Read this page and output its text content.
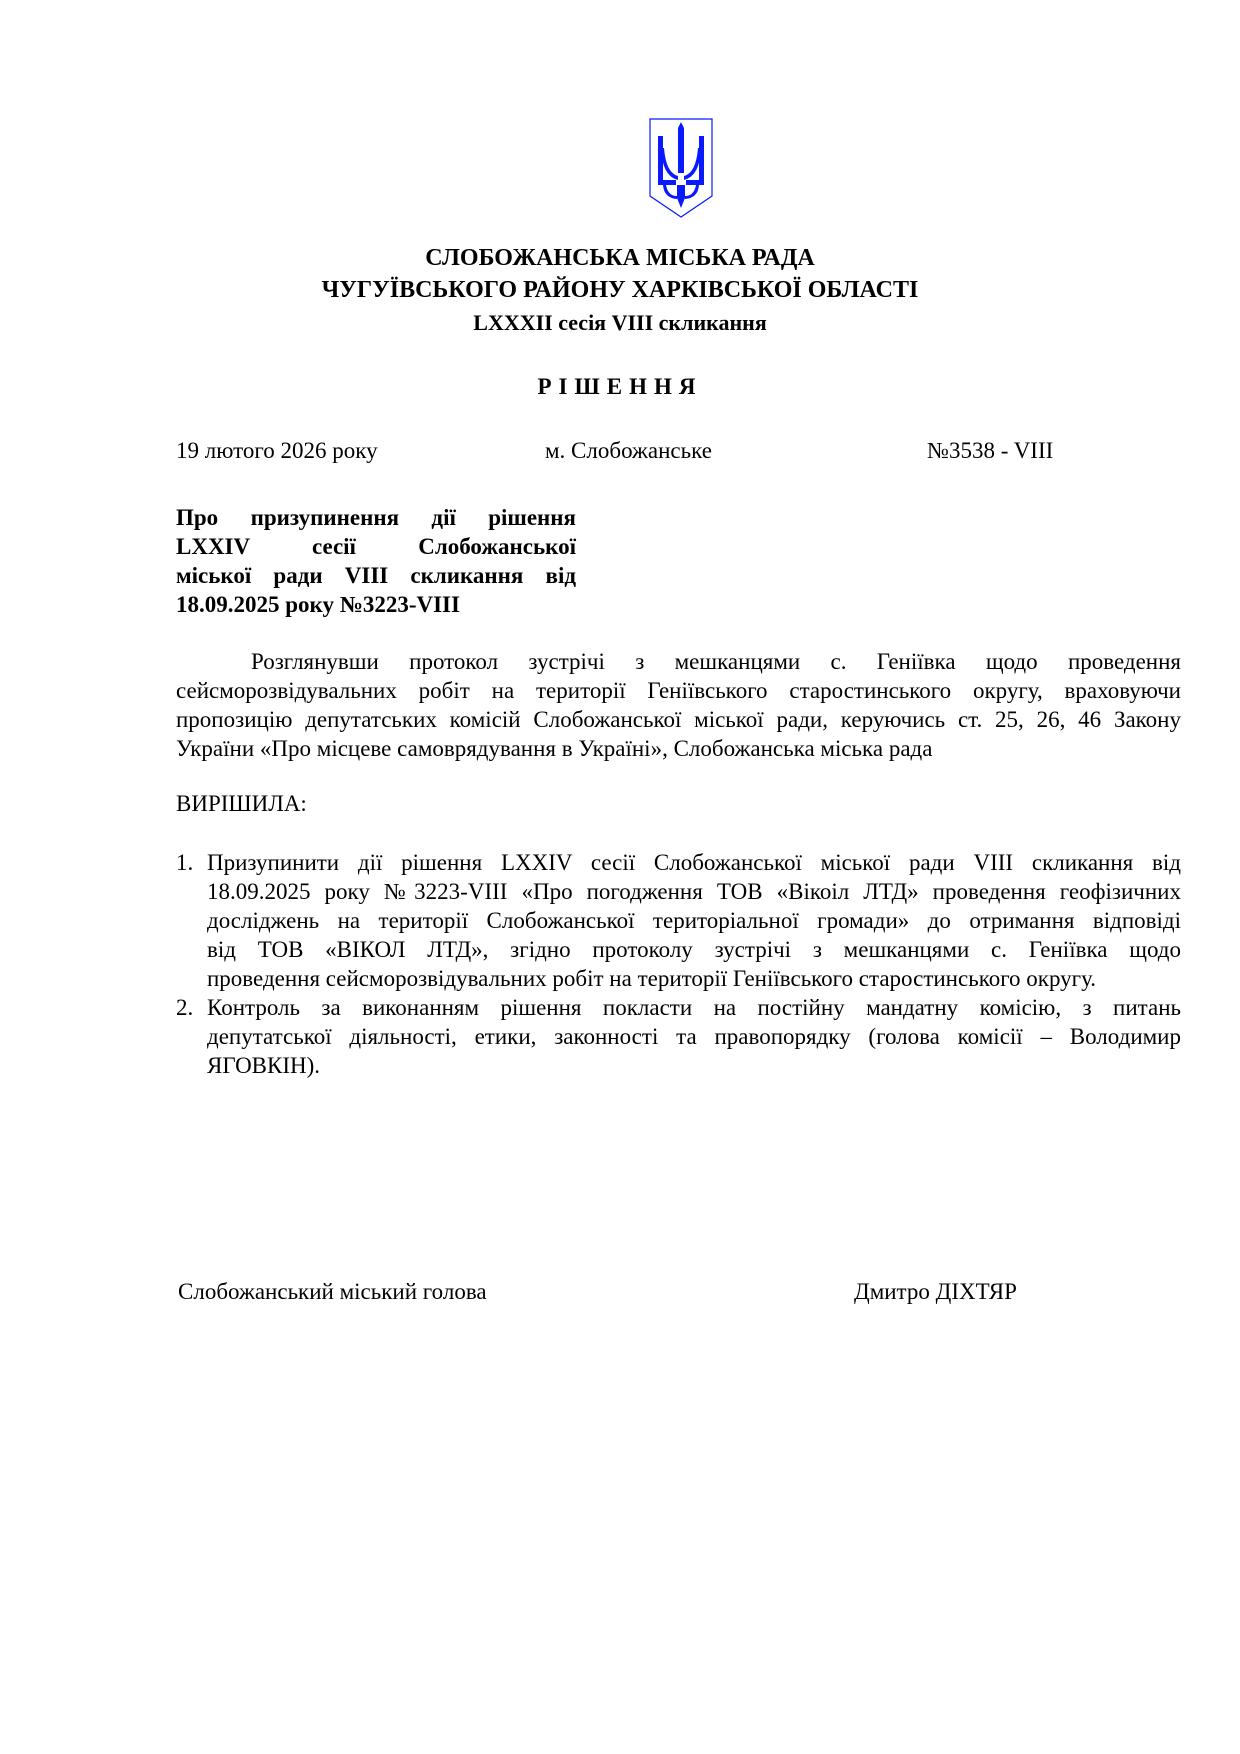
СЛОБОЖАНСЬКА МІСЬКА РАДА
ЧУГУЇВСЬКОГО РАЙОНУ ХАРКІВСЬКОЇ ОБЛАСТІ
LXXXII сесія VIII скликання
РІШЕННЯ
19 лютого 2026 року	м. Слобожанське	№3538 - VIII
Про призупинення дії рішення
LXXIV сесії Слобожанської
міської ради VIII скликання від
18.09.2025 року №3223-VIII
Розглянувши протокол зустрічі з мешканцями с. Геніївка щодо проведення
сейсморозвідувальних робіт на території Геніївського старостинського округу, враховуючи
пропозицію депутатських комісій Слобожанської міської ради, керуючись ст. 25, 26, 46 Закону
України «Про місцеве самоврядування в Україні», Слобожанська міська рада
ВИРІШИЛА:
1. Призупинити дії рішення LXXIV сесії Слобожанської міської ради VIII скликання від
18.09.2025 року №3223-VIII «Про погодження ТОВ «Вікоіл ЛТД» проведення геофізичних
досліджень на території Слобожанської територіальної громади» до отримання відповіді
від ТОВ «ВІКОЛ ЛТД», згідно протоколу зустрічі з мешканцями с. Геніївка щодо
проведення сейсморозвідувальних робіт на території Геніївського старостинського округу.
2. Контроль за виконанням рішення покласти на постійну мандатну комісію, з питань
депутатської діяльності, етики, законності та правопорядку (голова комісії – Володимир
ЯГОВКІН).
Слобожанський міський голова	Дмитро ДІХТЯР
